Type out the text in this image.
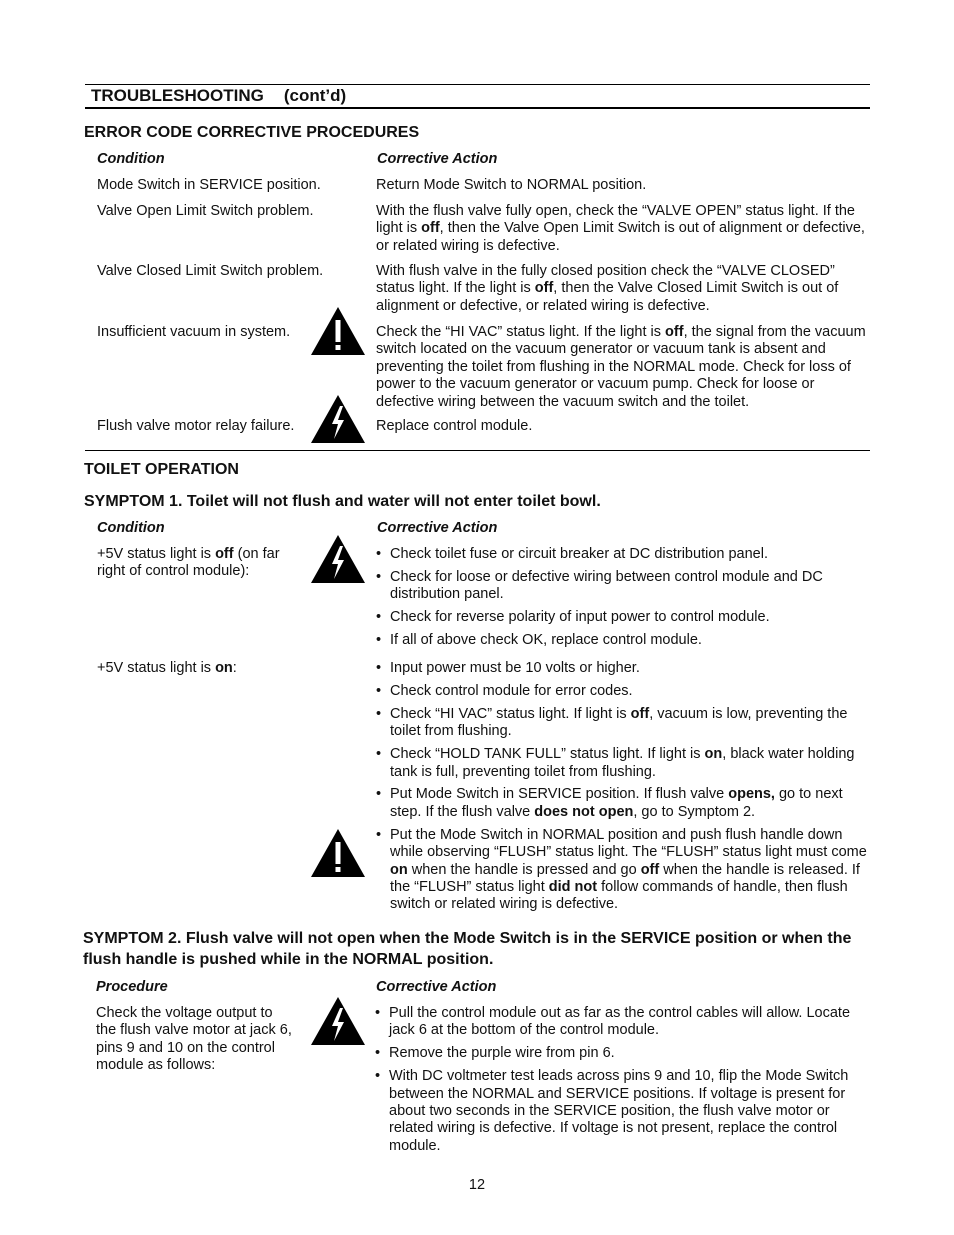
TROUBLESHOOTING (cont’d)
ERROR CODE CORRECTIVE PROCEDURES
Condition	Corrective Action
Mode Switch in SERVICE position.	Return Mode Switch to NORMAL position.
Valve Open Limit Switch problem.	With the flush valve fully open, check the “VALVE OPEN” status light. If the light is off, then the Valve Open Limit Switch is out of alignment or defective, or related wiring is defective.
Valve Closed Limit Switch problem.	With flush valve in the fully closed position check the “VALVE CLOSED” status light. If the light is off, then the Valve Closed Limit Switch is out of alignment or defective, or related wiring is defective.
Insufficient vacuum in system.	Check the “HI VAC” status light. If the light is off, the signal from the vacuum switch located on the vacuum generator or vacuum tank is absent and preventing the toilet from flushing in the NORMAL mode. Check for loss of power to the vacuum generator or vacuum pump. Check for loose or defective wiring between the vacuum switch and the toilet.
Flush valve motor relay failure.	Replace control module.
TOILET OPERATION
SYMPTOM 1. Toilet will not flush and water will not enter toilet bowl.
Condition	Corrective Action
+5V status light is off (on far right of control module):
• Check toilet fuse or circuit breaker at DC distribution panel.
• Check for loose or defective wiring between control module and DC distribution panel.
• Check for reverse polarity of input power to control module.
• If all of above check OK, replace control module.
+5V status light is on:
•	Input power must be 10 volts or higher.
• Check control module for error codes.
• Check “HI VAC” status light. If light is off, vacuum is low, preventing the toilet from flushing.
• Check “HOLD TANK FULL” status light. If light is on, black water holding tank is full, preventing toilet from flushing.
• Put Mode Switch in SERVICE position. If flush valve opens, go to next step. If the flush valve does not open, go to Symptom 2.
• Put the Mode Switch in NORMAL position and push flush handle down while observing “FLUSH” status light. The “FLUSH” status light must come on when the handle is pressed and go off when the handle is released. If the “FLUSH” status light did not follow commands of handle, then flush switch or related wiring is defective.
SYMPTOM 2. Flush valve will not open when the Mode Switch is in the SERVICE position or when the flush handle is pushed while in the NORMAL position.
Procedure	Corrective Action
Check the voltage output to the flush valve motor at jack 6, pins 9 and 10 on the control module as follows:
• Pull the control module out as far as the control cables will allow. Locate jack 6 at the bottom of the control module.
• Remove the purple wire from pin 6.
• With DC voltmeter test leads across pins 9 and 10, flip the Mode Switch between the NORMAL and SERVICE positions. If voltage is present for about two seconds in the SERVICE position, the flush valve motor or related wiring is defective. If voltage is not present, replace the control module.
12
